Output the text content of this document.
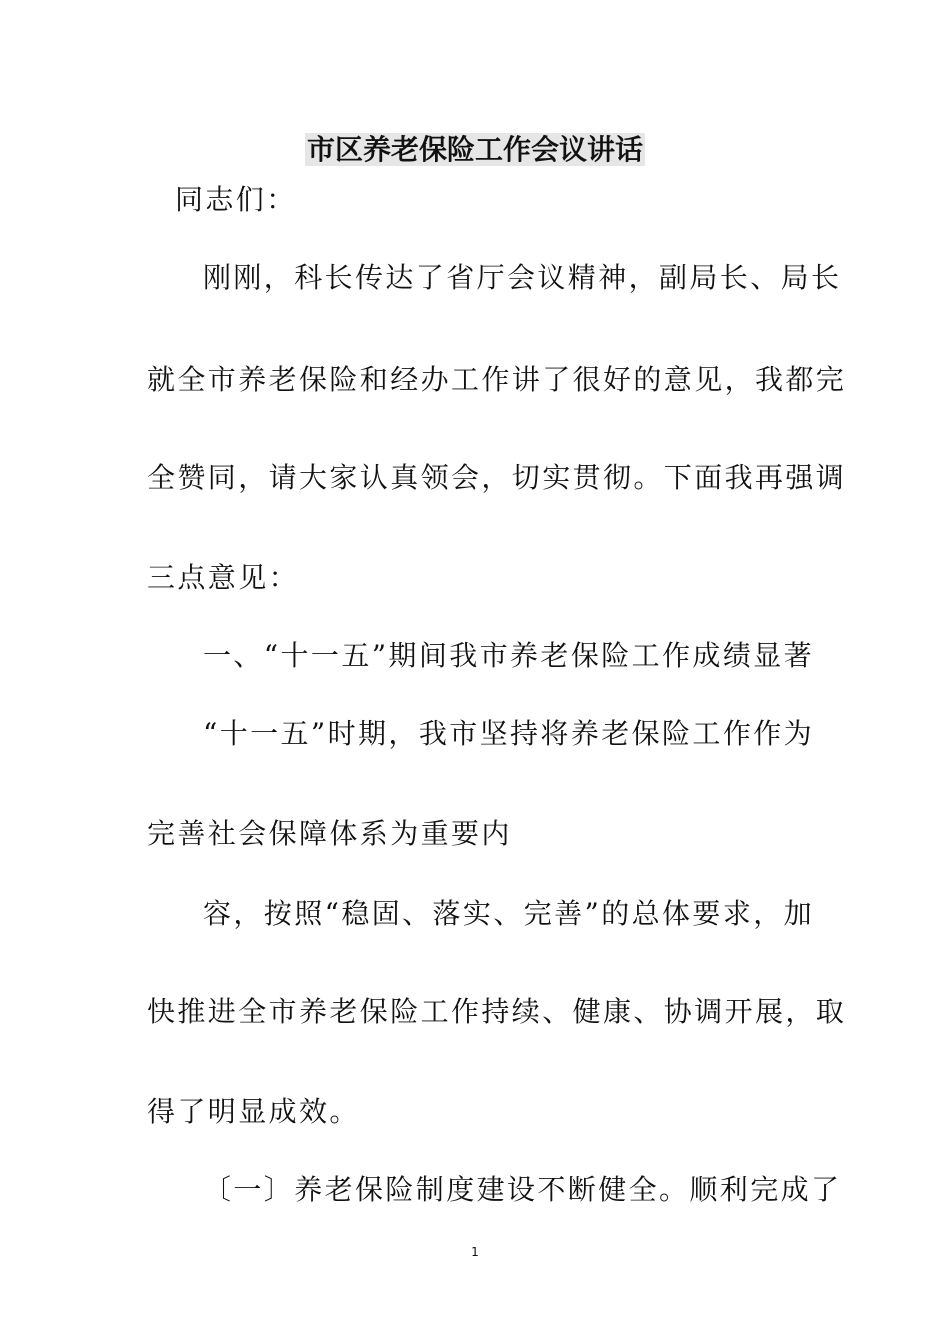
市区养老保险工作会议讲话
同志们：
刚刚，科长传达了省厅会议精神，副局长、局长
就全市养老保险和经办工作讲了很好的意见，我都完
全赞同，请大家认真领会，切实贯彻。下面我再强调
三点意见：
一、“十一五”期间我市养老保险工作成绩显著
“十一五”时期，我市坚持将养老保险工作作为
完善社会保障体系为重要内
容，按照“稳固、落实、完善”的总体要求，加
快推进全市养老保险工作持续、健康、协调开展，取
得了明显成效。
〔一〕养老保险制度建设不断健全。顺利完成了
1
